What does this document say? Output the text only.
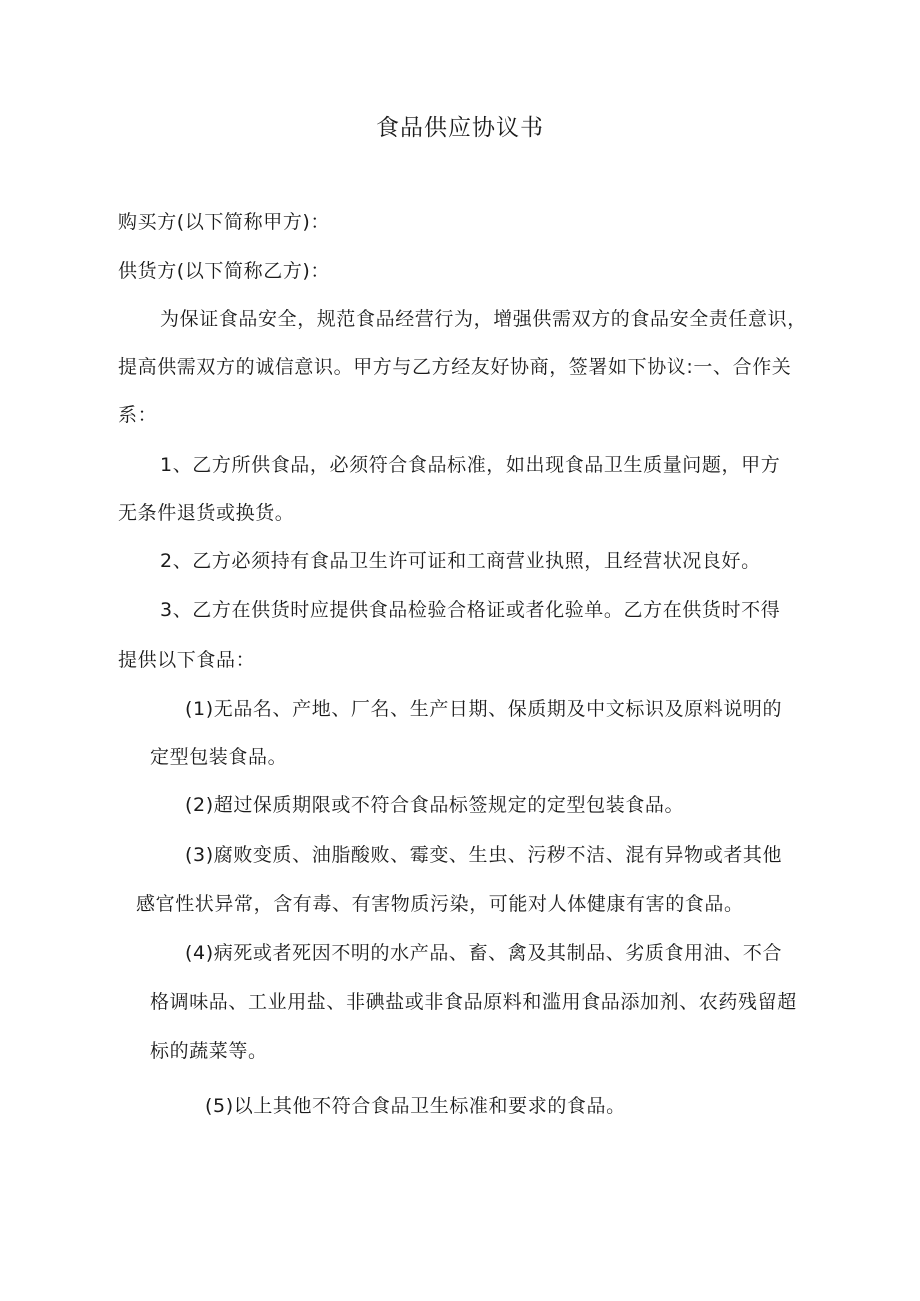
食品供应协议书
购买方(以下简称甲方)：
供货方(以下简称乙方)：
为保证食品安全，规范食品经营行为，增强供需双方的食品安全责任意识，
提高供需双方的诚信意识。甲方与乙方经友好协商，签署如下协议:一、合作关
系：
1、乙方所供食品，必须符合食品标准，如出现食品卫生质量问题，甲方
无条件退货或换货。
2、乙方必须持有食品卫生许可证和工商营业执照，且经营状况良好。
3、乙方在供货时应提供食品检验合格证或者化验单。乙方在供货时不得
提供以下食品：
(1)无品名、产地、厂名、生产日期、保质期及中文标识及原料说明的
定型包装食品。
(2)超过保质期限或不符合食品标签规定的定型包装食品。
(3)腐败变质、油脂酸败、霉变、生虫、污秽不洁、混有异物或者其他
感官性状异常，含有毒、有害物质污染，可能对人体健康有害的食品。
(4)病死或者死因不明的水产品、畜、禽及其制品、劣质食用油、不合
格调味品、工业用盐、非碘盐或非食品原料和滥用食品添加剂、农药残留超
标的蔬菜等。
(5)以上其他不符合食品卫生标准和要求的食品。
